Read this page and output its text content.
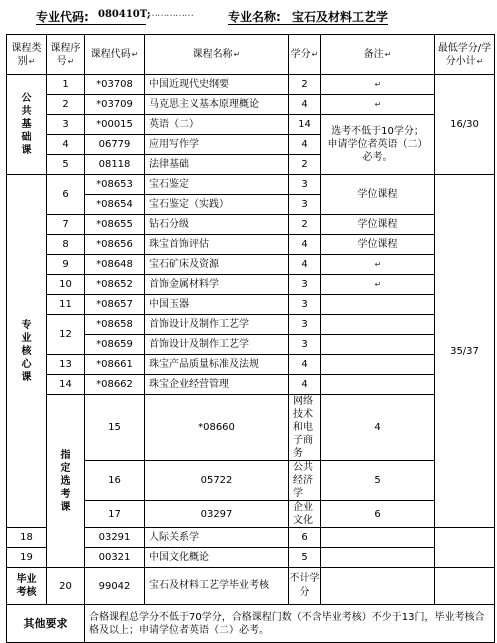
专业代码: 080410T;
……………	专业名称: 宝石及材料工艺学
课程类别↵	课程序号↵	课程代码↵	课程名称↵	学分↵	备注↵	最低学分/学分小计↵	
公共基础课	1	*03708	中国近现代史纲要	2	↵	16/30	
	2	*03709	马克思主义基本原理概论	4	↵		
	3	*00015	英语（二）	14	选考不低于10学分；申请学位者英语（二）必考。		
	4	06779	应用写作学	4			
	5	08118	法律基础	2			
专业核心课	6	*08653	宝石鉴定	3	学位课程	35/37	
		*08654	宝石鉴定（实践）	3			
	7	*08655	钻石分级	2	学位课程		
	8	*08656	珠宝首饰评估	4	学位课程		
	9	*08648	宝石矿床及资源	4	↵		
	10	*08652	首饰金属材料学	3	↵		
	11	*08657	中国玉器	3			
	12	*08658	首饰设计及制作工艺学	3			
		*08659	首饰设计及制作工艺学	3			
	13	*08661	珠宝产品质量标准及法规	4			
	14	*08662	珠宝企业经营管理	4			
	指定选考课	15	*08660	网络技术和电子商务	4		
		16	05722	公共经济学	5		
		17	03297	企业文化	6		
18		03291	人际关系学	6			
19		00321	中国文化概论	5			
毕业考核	20	99042	宝石及材料工艺学毕业考核	不计学分			
其他要求		合格课程总学分不低于70学分，合格课程门数（不含毕业考核）不少于13门，毕业考核合格及以上；申请学位者英语（二）必考。					
